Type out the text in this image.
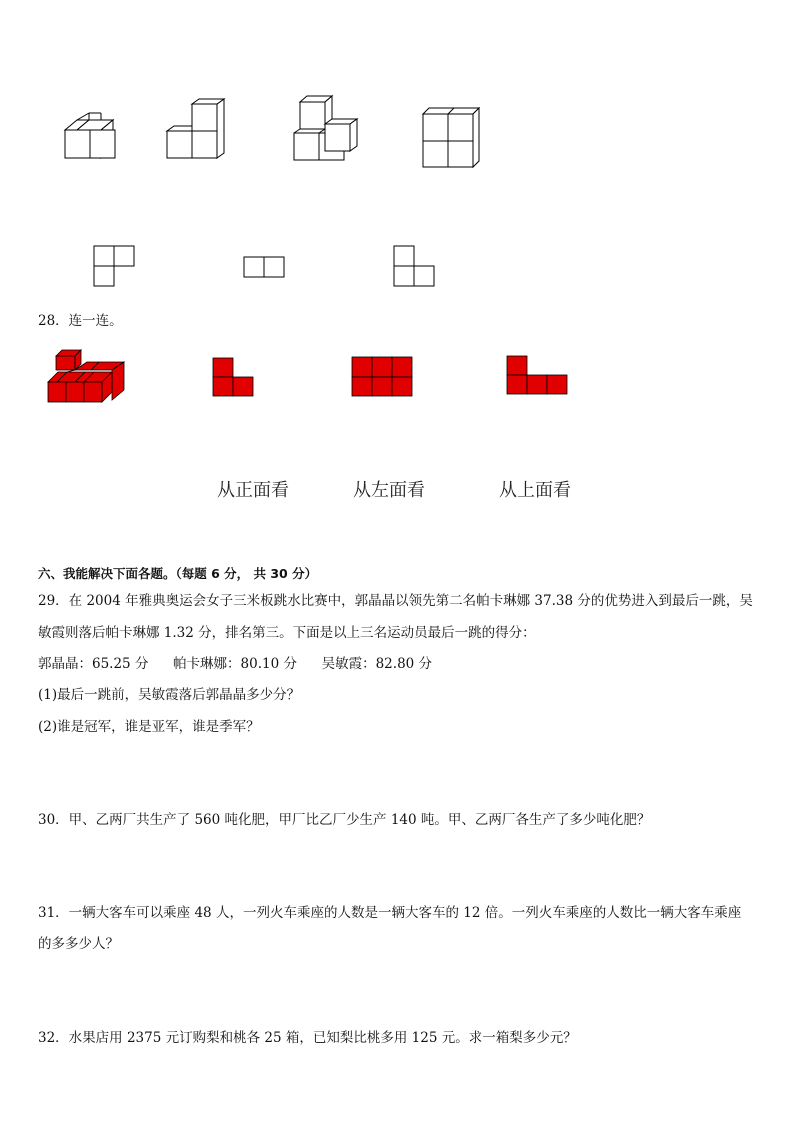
28．连一连。
从正面看	从左面看	从上面看
六、我能解决下面各题。（每题 6 分， 共 30 分）
29．在 2004 年雅典奥运会女子三米板跳水比赛中，郭晶晶以领先第二名帕卡琳娜 37.38 分的优势进入到最后一跳，吴
敏霞则落后帕卡琳娜 1.32 分，排名第三。下面是以上三名运动员最后一跳的得分：
郭晶晶：65.25 分 帕卡琳娜：80.10 分 吴敏霞：82.80 分
(1)最后一跳前，吴敏霞落后郭晶晶多少分？
(2)谁是冠军，谁是亚军，谁是季军？
30．甲、乙两厂共生产了 560 吨化肥，甲厂比乙厂少生产 140 吨。甲、乙两厂各生产了多少吨化肥？
31．一辆大客车可以乘座 48 人，一列火车乘座的人数是一辆大客车的 12 倍。一列火车乘座的人数比一辆大客车乘座
的多多少人？
32．水果店用 2375 元订购梨和桃各 25 箱，已知梨比桃多用 125 元。求一箱梨多少元？
